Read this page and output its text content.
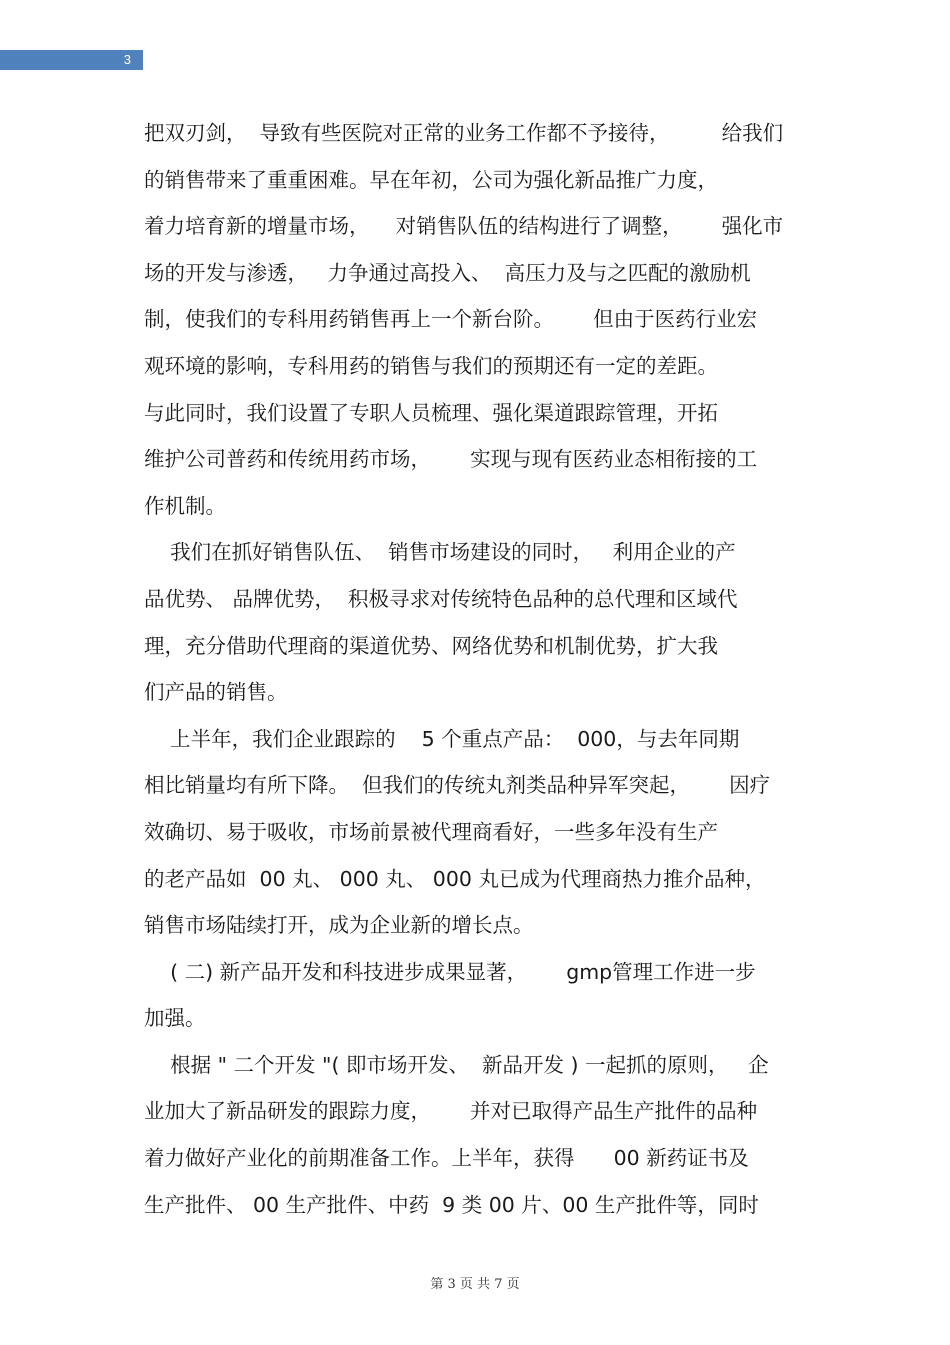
3
把双刃剑，  导致有些医院对正常的业务工作都不予接待，        给我们
的销售带来了重重困难。早在年初，公司为强化新品推广力度，
着力培育新的增量市场，    对销售队伍的结构进行了调整，      强化市
场的开发与渗透，   力争通过高投入、  高压力及与之匹配的激励机
制，使我们的专科用药销售再上一个新台阶。      但由于医药行业宏
观环境的影响，专科用药的销售与我们的预期还有一定的差距。
与此同时，我们设置了专职人员梳理、强化渠道跟踪管理，开拓
维护公司普药和传统用药市场，      实现与现有医药业态相衔接的工
作机制。
我们在抓好销售队伍、  销售市场建设的同时，   利用企业的产
品优势、 品牌优势，  积极寻求对传统特色品种的总代理和区域代
理，充分借助代理商的渠道优势、网络优势和机制优势，扩大我
们产品的销售。
上半年，我们企业跟踪的    5 个重点产品：  000，与去年同期
相比销量均有所下降。  但我们的传统丸剂类品种异军突起，      因疗
效确切、易于吸收，市场前景被代理商看好，一些多年没有生产
的老产品如  00 丸、 000 丸、 000 丸已成为代理商热力推介品种，
销售市场陆续打开，成为企业新的增长点。
( 二) 新产品开发和科技进步成果显著，      gmp管理工作进一步
加强。
根据 " 二个开发 "( 即市场开发、  新品开发 ) 一起抓的原则，   企
业加大了新品研发的跟踪力度，      并对已取得产品生产批件的品种
着力做好产业化的前期准备工作。上半年，获得      00 新药证书及
生产批件、 00 生产批件、中药  9 类 00 片、00 生产批件等，同时
第 3 页 共 7 页
